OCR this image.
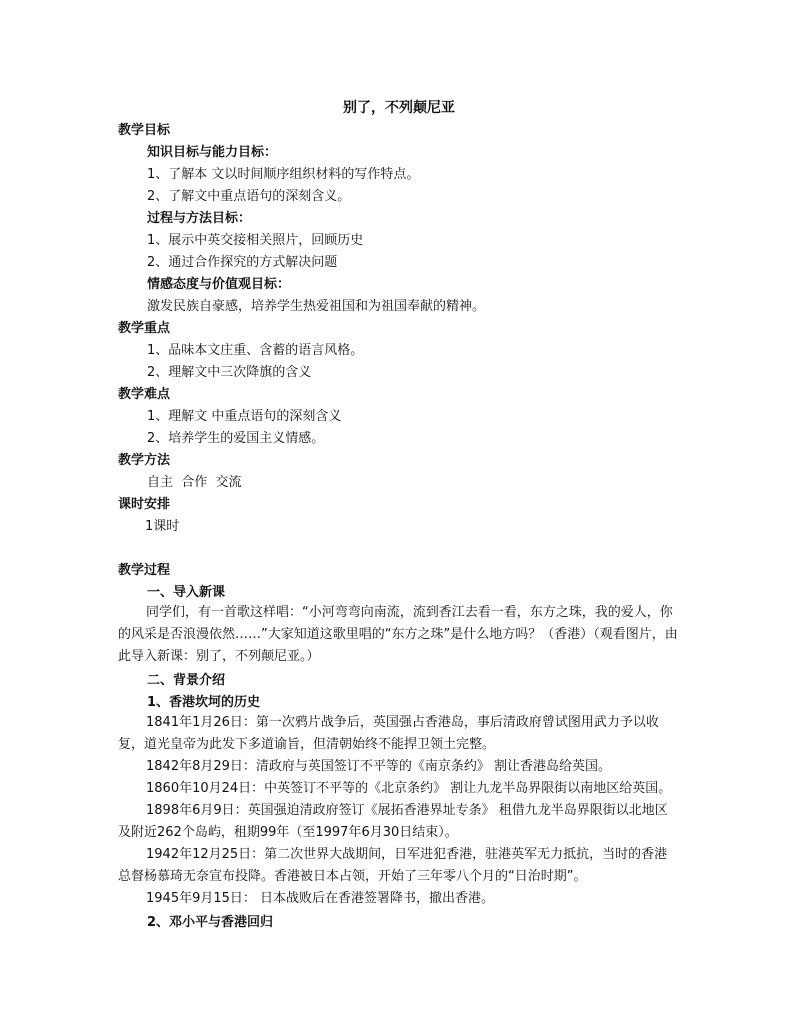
别了，不列颠尼亚
教学目标
知识目标与能力目标：
1、了解本 文以时间顺序组织材料的写作特点。
2、了解文中重点语句的深刻含义。
过程与方法目标：
1、展示中英交接相关照片，回顾历史
2、通过合作探究的方式解决问题
情感态度与价值观目标：
激发民族自豪感，培养学生热爱祖国和为祖国奉献的精神。
教学重点
1、品味本文庄重、含蓄的语言风格。
2、理解文中三次降旗的含义
教学难点
1、理解文 中重点语句的深刻含义
2、培养学生的爱国主义情感。
教学方法
自主  合作  交流
课时安排
1课时
教学过程
一、导入新课
同学们，有一首歌这样唱：“小河弯弯向南流，流到香江去看一看，东方之珠，我的爱人，你的风采是否浪漫依然……”大家知道这歌里唱的“东方之珠”是什么地方吗？（香港）（观看图片，由此导入新课：别了，不列颠尼亚。）
二、背景介绍
1、香港坎坷的历史
1841年1月26日：第一次鸦片战争后，英国强占香港岛，事后清政府曾试图用武力予以收复，道光皇帝为此发下多道谕旨，但清朝始终不能捍卫领土完整。
1842年8月29日：清政府与英国签订不平等的《南京条约》 割让香港岛给英国。
1860年10月24日：中英签订不平等的《北京条约》 割让九龙半岛界限街以南地区给英国。
1898年6月9日：英国强迫清政府签订《展拓香港界址专条》 租借九龙半岛界限街以北地区及附近262个岛屿，租期99年（至1997年6月30日结束）。
1942年12月25日：第二次世界大战期间，日军进犯香港，驻港英军无力抵抗，当时的香港总督杨慕琦无奈宣布投降。香港被日本占领，开始了三年零八个月的“日治时期”。
1945年9月15日： 日本战败后在香港签署降书，撤出香港。
2、邓小平与香港回归
